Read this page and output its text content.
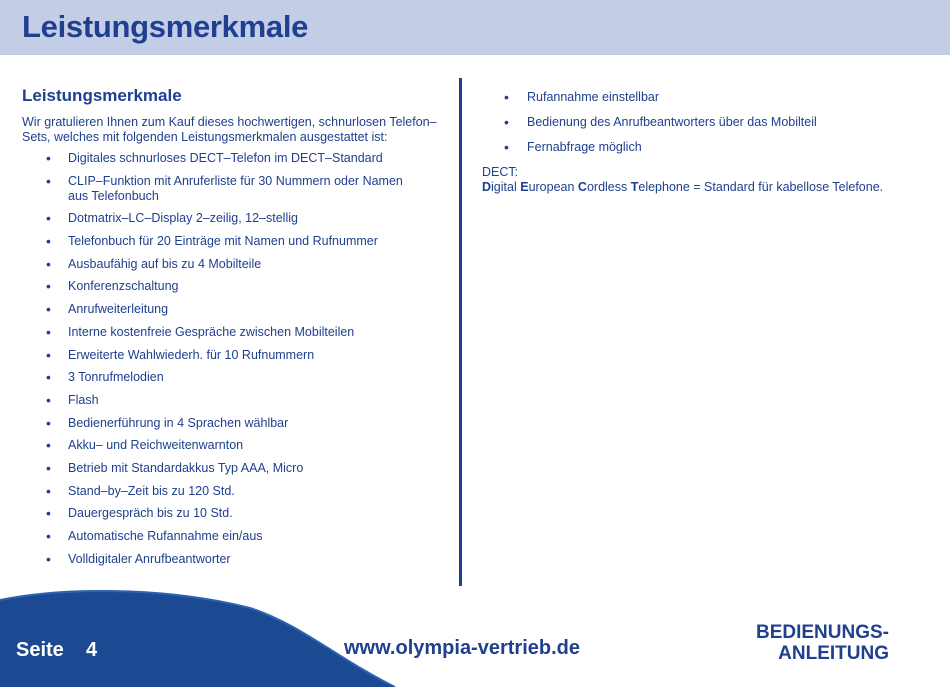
Leistungsmerkmale
Leistungsmerkmale
Wir gratulieren Ihnen zum Kauf dieses hochwertigen, schnurlosen Telefon–
Sets, welches mit folgenden Leistungsmerkmalen ausgestattet ist:
• Digitales schnurloses DECT–Telefon im DECT–Standard
• CLIP–Funktion mit Anruferliste für 30 Nummern oder Namen
aus Telefonbuch
• Dotmatrix–LC–Display 2–zeilig, 12–stellig
• Telefonbuch für 20 Einträge mit Namen und Rufnummer
• Ausbaufähig auf bis zu 4 Mobilteile
• Konferenzschaltung
• Anrufweiterleitung
• Interne kostenfreie Gespräche zwischen Mobilteilen
• Erweiterte Wahlwiederh. für 10 Rufnummern
• 3 Tonrufmelodien
• Flash
• Bedienerführung in 4 Sprachen wählbar
• Akku– und Reichweitenwarnton
• Betrieb mit Standardakkus Typ AAA, Micro
• Stand–by–Zeit bis zu 120 Std.
• Dauergespräch bis zu 10 Std.
• Automatische Rufannahme ein/aus
• Volldigitaler Anrufbeantworter
• Rufannahme einstellbar
• Bedienung des Anrufbeantworters über das Mobilteil
• Fernabfrage möglich
DECT:
Digital European Cordless Telephone = Standard für kabellose Telefone.
Seite 4	www.olympia-vertrieb.de
BEDIENUNGS-
ANLEITUNG
